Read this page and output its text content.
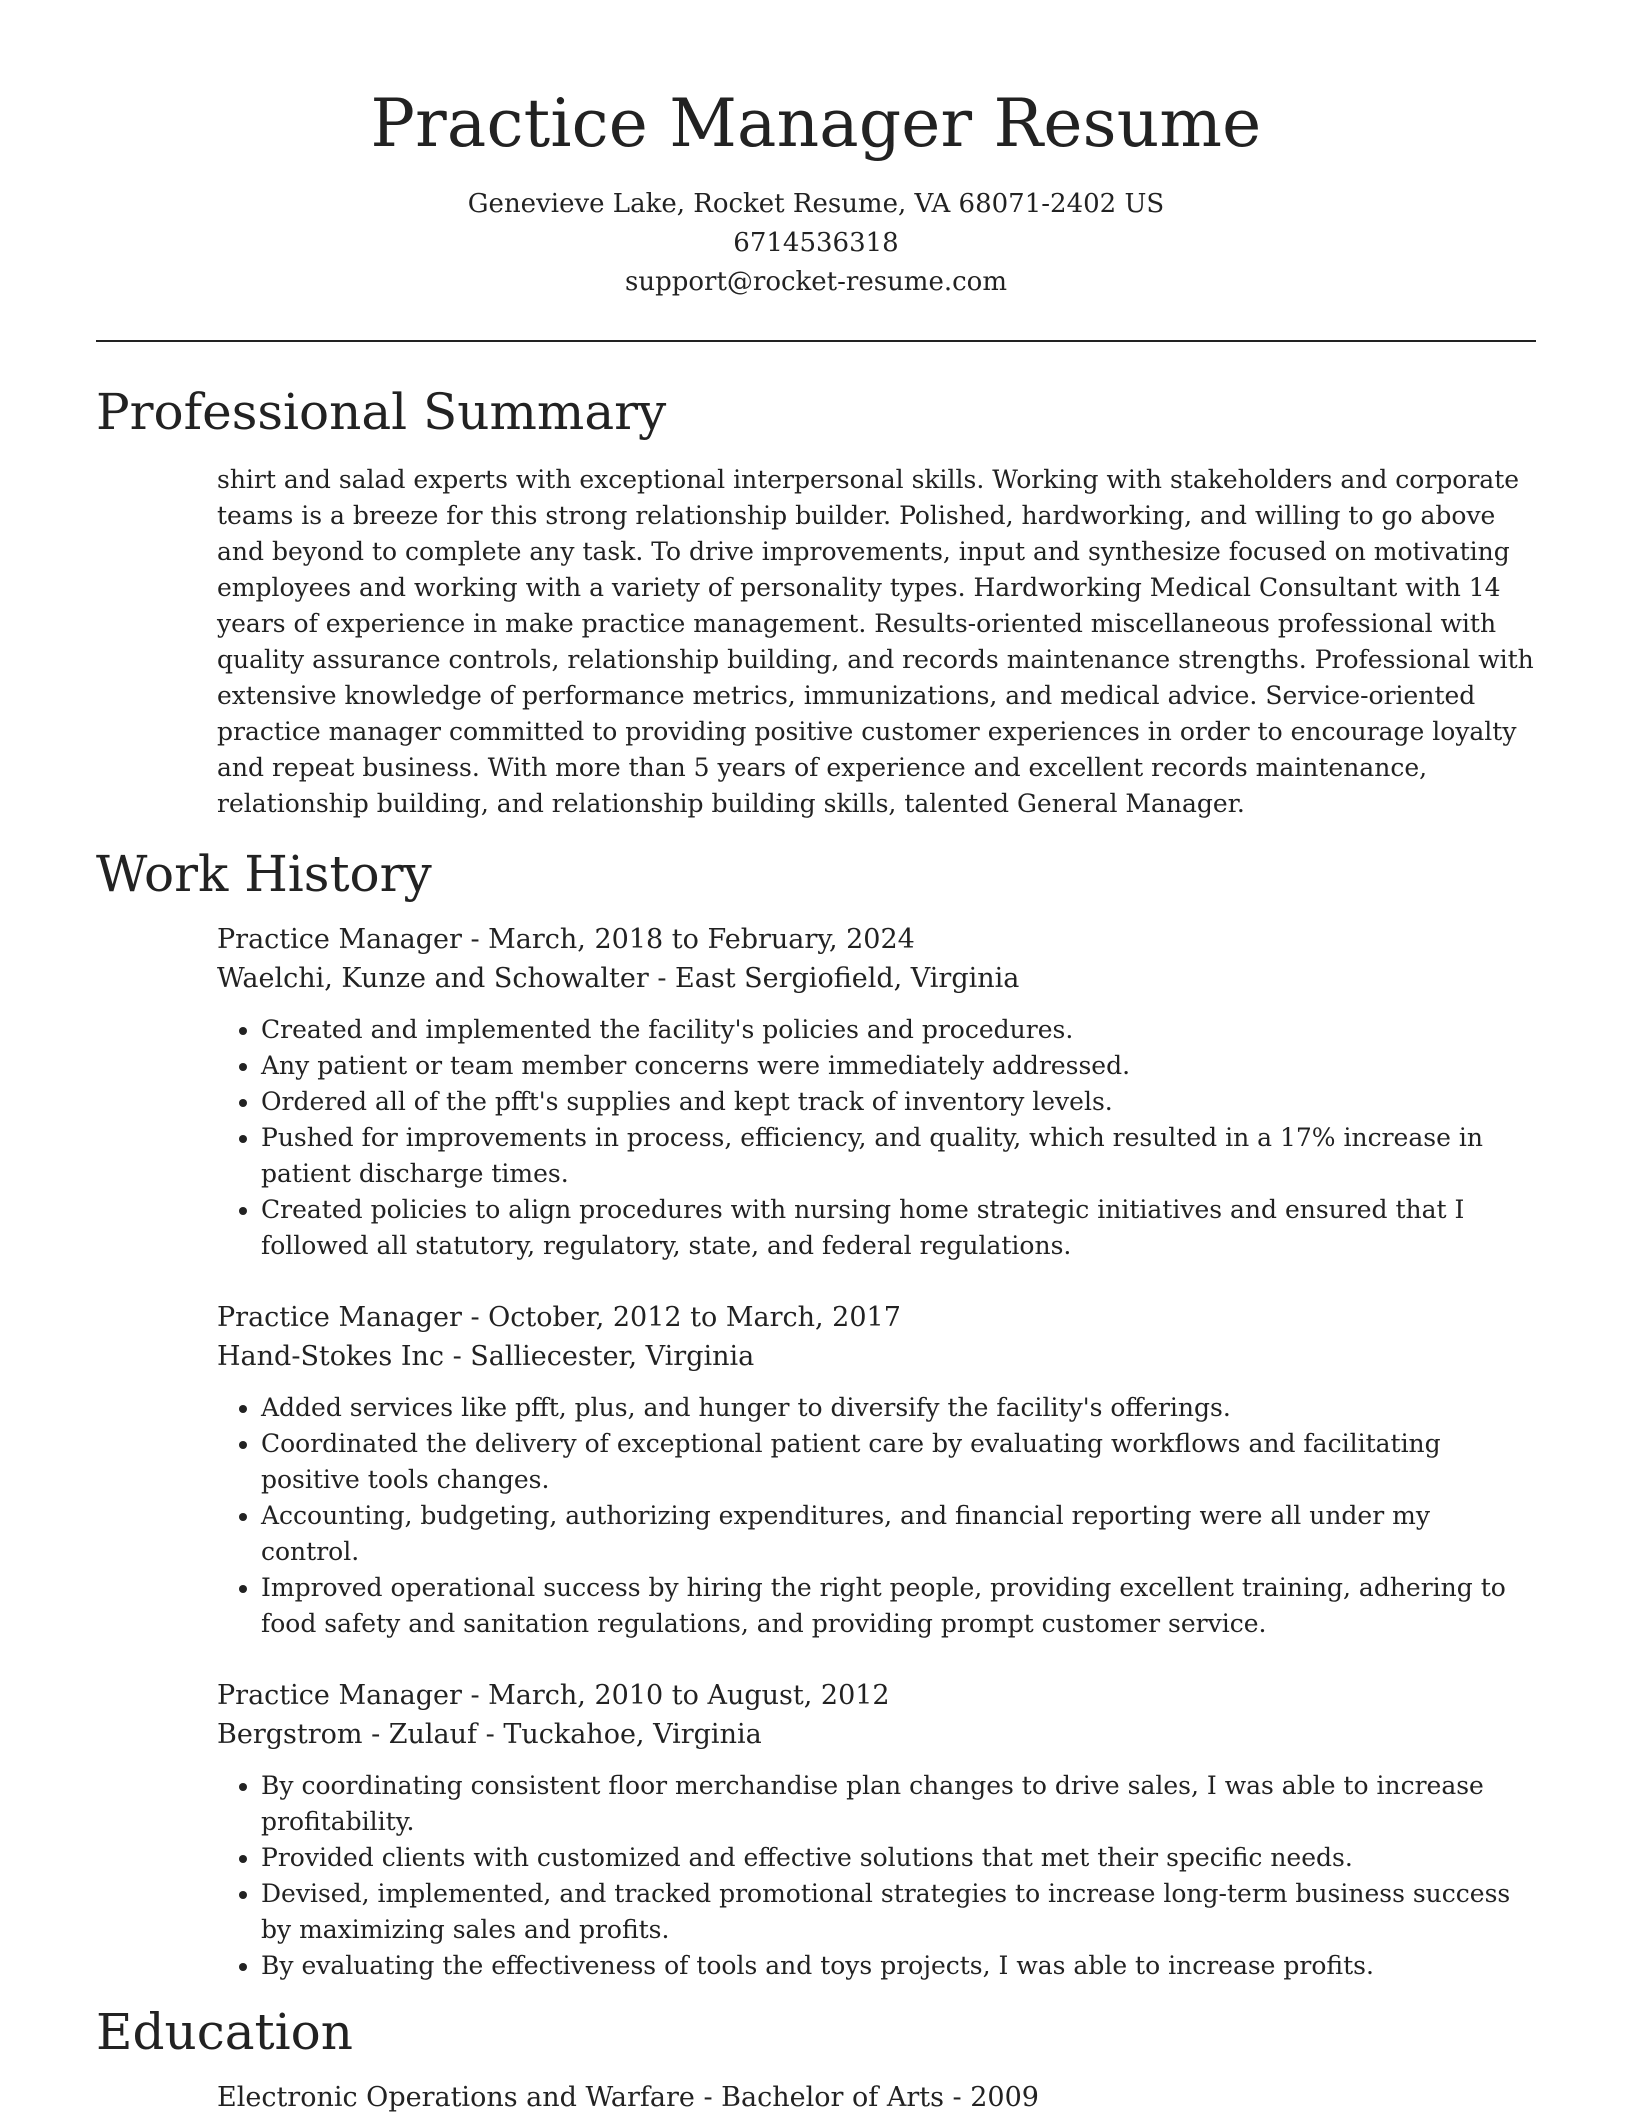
Practice Manager Resume
Genevieve Lake, Rocket Resume, VA 68071-2402 US
6714536318
support@rocket-resume.com
Professional Summary
shirt and salad experts with exceptional interpersonal skills. Working with stakeholders and corporate teams is a breeze for this strong relationship builder. Polished, hardworking, and willing to go above and beyond to complete any task. To drive improvements, input and synthesize focused on motivating employees and working with a variety of personality types. Hardworking Medical Consultant with 14 years of experience in make practice management. Results-oriented miscellaneous professional with quality assurance controls, relationship building, and records maintenance strengths. Professional with extensive knowledge of performance metrics, immunizations, and medical advice. Service-oriented practice manager committed to providing positive customer experiences in order to encourage loyalty and repeat business. With more than 5 years of experience and excellent records maintenance, relationship building, and relationship building skills, talented General Manager.
Work History
Practice Manager - March, 2018 to February, 2024
Waelchi, Kunze and Schowalter - East Sergiofield, Virginia
• Created and implemented the facility's policies and procedures.
• Any patient or team member concerns were immediately addressed.
• Ordered all of the pfft's supplies and kept track of inventory levels.
• Pushed for improvements in process, efficiency, and quality, which resulted in a 17% increase in patient discharge times.
• Created policies to align procedures with nursing home strategic initiatives and ensured that I followed all statutory, regulatory, state, and federal regulations.
Practice Manager - October, 2012 to March, 2017
Hand-Stokes Inc - Salliecester, Virginia
• Added services like pfft, plus, and hunger to diversify the facility's offerings.
• Coordinated the delivery of exceptional patient care by evaluating workflows and facilitating positive tools changes.
• Accounting, budgeting, authorizing expenditures, and financial reporting were all under my control.
• Improved operational success by hiring the right people, providing excellent training, adhering to food safety and sanitation regulations, and providing prompt customer service.
Practice Manager - March, 2010 to August, 2012
Bergstrom - Zulauf - Tuckahoe, Virginia
• By coordinating consistent floor merchandise plan changes to drive sales, I was able to increase profitability.
• Provided clients with customized and effective solutions that met their specific needs.
• Devised, implemented, and tracked promotional strategies to increase long-term business success by maximizing sales and profits.
• By evaluating the effectiveness of tools and toys projects, I was able to increase profits.
Education
Electronic Operations and Warfare - Bachelor of Arts - 2009
